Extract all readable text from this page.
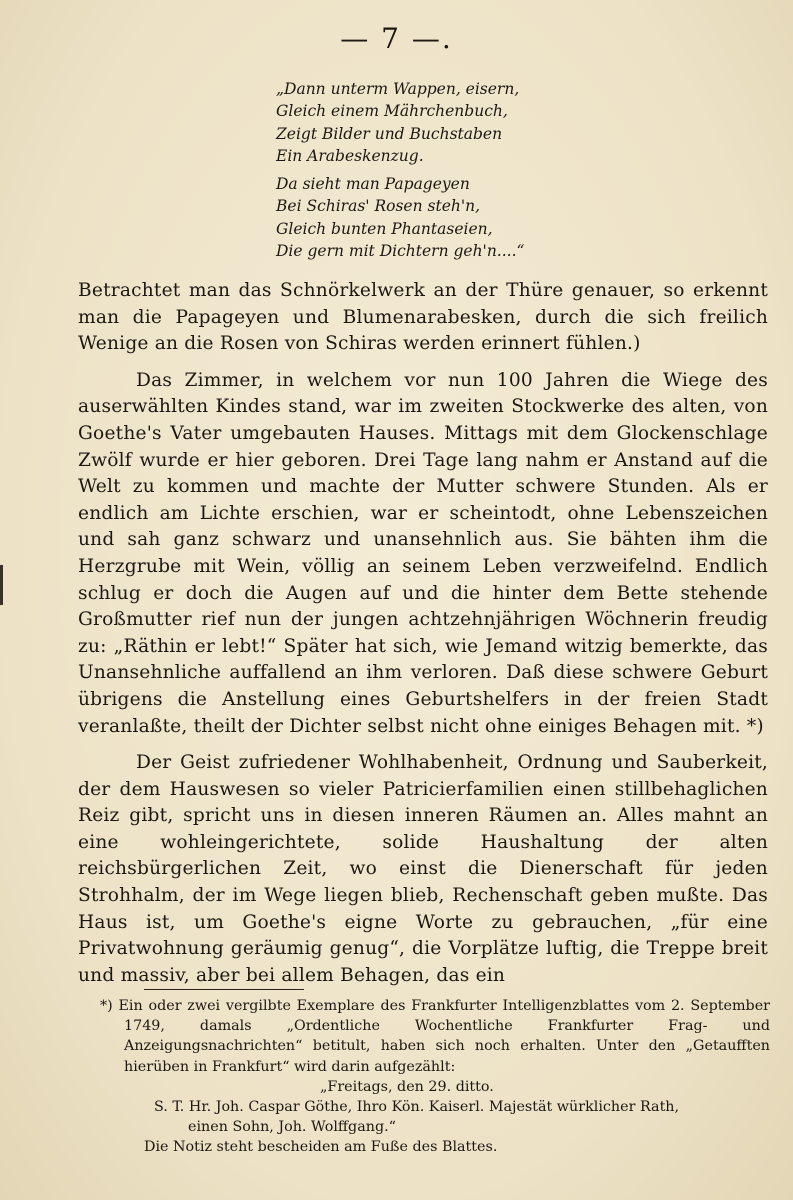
— 7 —.
„Dann unterm Wappen, eisern,
Gleich einem Mährchenbuch,
Zeigt Bilder und Buchstaben
Ein Arabeskenzug.
Da sieht man Papageyen
Bei Schiras' Rosen steh'n,
Gleich bunten Phantaseien,
Die gern mit Dichtern geh'n....“

Betrachtet man das Schnörkelwerk an der Thüre genauer, so erkennt man die Papageyen und Blumenarabesken, durch die sich freilich Wenige an die Rosen von Schiras werden erinnert fühlen.)

Das Zimmer, in welchem vor nun 100 Jahren die Wiege des auserwählten Kindes stand, war im zweiten Stockwerke des alten, von Goethe's Vater umgebauten Hauses. Mittags mit dem Glockenschlage Zwölf wurde er hier geboren. Drei Tage lang nahm er Anstand auf die Welt zu kommen und machte der Mutter schwere Stunden. Als er endlich am Lichte erschien, war er scheintodt, ohne Lebenszeichen und sah ganz schwarz und unansehnlich aus. Sie bähten ihm die Herzgrube mit Wein, völlig an seinem Leben verzweifelnd. Endlich schlug er doch die Augen auf und die hinter dem Bette stehende Großmutter rief nun der jungen achtzehnjährigen Wöchnerin freudig zu: „Räthin er lebt!“ Später hat sich, wie Jemand witzig bemerkte, das Unansehnliche auffallend an ihm verloren. Daß diese schwere Geburt übrigens die Anstellung eines Geburtshelfers in der freien Stadt veranlaßte, theilt der Dichter selbst nicht ohne einiges Behagen mit. *)

Der Geist zufriedener Wohlhabenheit, Ordnung und Sauberkeit, der dem Hauswesen so vieler Patricierfamilien einen stillbehaglichen Reiz gibt, spricht uns in diesen inneren Räumen an. Alles mahnt an eine wohleingerichtete, solide Haushaltung der alten reichsbürgerlichen Zeit, wo einst die Dienerschaft für jeden Strohhalm, der im Wege liegen blieb, Rechenschaft geben mußte. Das Haus ist, um Goethe's eigne Worte zu gebrauchen, „für eine Privatwohnung geräumig genug“, die Vorplätze luftig, die Treppe breit und massiv, aber bei allem Behagen, das ein

*) Ein oder zwei vergilbte Exemplare des Frankfurter Intelligenzblattes vom 2. September 1749, damals „Ordentliche Wochentliche Frankfurter Frag- und Anzeigungsnachrichten“ betitult, haben sich noch erhalten. Unter den „Getaufften hierüben in Frankfurt“ wird darin aufgezählt:

„Freitags, den 29. ditto.

S. T. Hr. Joh. Caspar Göthe, Ihro Kön. Kaiserl. Majestät würklicher Rath,

einen Sohn, Joh. Wolffgang.“

Die Notiz steht bescheiden am Fuße des Blattes.
